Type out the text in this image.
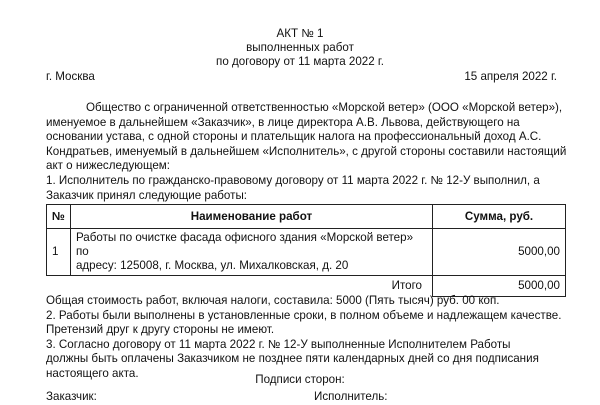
АКТ № 1
выполненных работ
по договору от 11 марта 2022 г.
г. Москва	15 апреля 2022 г.
Общество с ограниченной ответственностью «Морской ветер» (ООО «Морской ветер»),
именуемое в дальнейшем «Заказчик», в лице директора А.В. Львова, действующего на
основании устава, с одной стороны и плательщик налога на профессиональный доход А.С.
Кондратьев, именуемый в дальнейшем «Исполнитель», с другой стороны составили настоящий
акт о нижеследующем:
1. Исполнитель по гражданско-правовому договору от 11 марта 2022 г. № 12-У выполнил, а
Заказчик принял следующие работы:
№	Наименование работ	Сумма, руб.
1	Работы по очистке фасада офисного здания «Морской ветер» по
адресу: 125008, г. Москва, ул. Михалковская, д. 20	5000,00
	Итого	5000,00
Общая стоимость работ, включая налоги, составила: 5000 (Пять тысяч) руб. 00 коп.
2. Работы были выполнены в установленные сроки, в полном объеме и надлежащем качестве.
Претензий друг к другу стороны не имеют.
3. Согласно договору от 11 марта 2022 г. № 12-У выполненные Исполнителем Работы
должны быть оплачены Заказчиком не позднее пяти календарных дней со дня подписания
настоящего акта.	Подписи сторон:
Заказчик:	Исполнитель:
